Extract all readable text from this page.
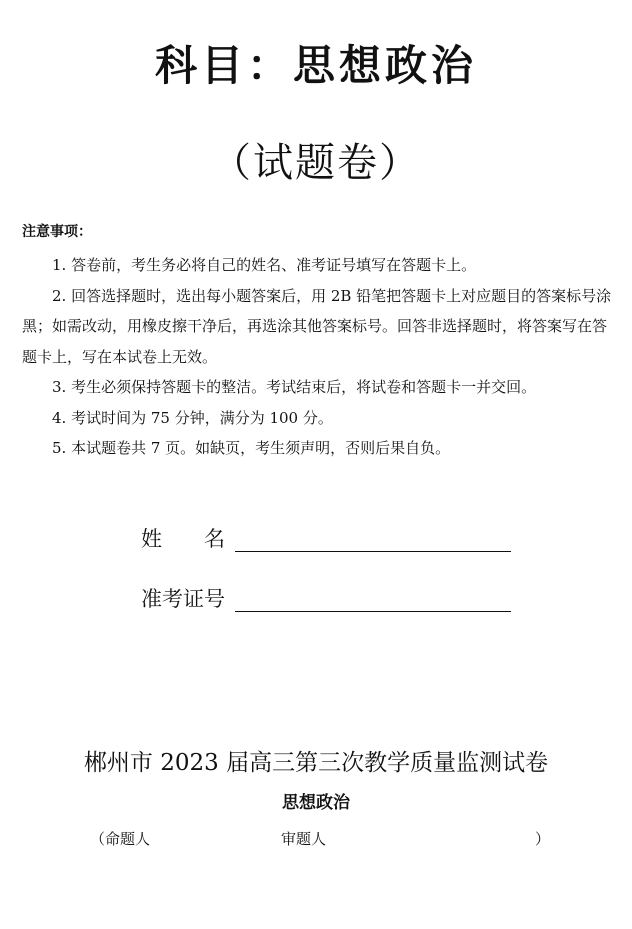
科目：思想政治
（试题卷）
注意事项：

1. 答卷前，考生务必将自己的姓名、准考证号填写在答题卡上。

2. 回答选择题时，选出每小题答案后，用 2B 铅笔把答题卡上对应题目的答案标号涂黑；如需改动，用橡皮擦干净后，再选涂其他答案标号。回答非选择题时，将答案写在答题卡上，写在本试卷上无效。

3. 考生必须保持答题卡的整洁。考试结束后，将试卷和答题卡一并交回。

4. 考试时间为 75 分钟，满分为 100 分。

5. 本试题卷共 7 页。如缺页，考生须声明，否则后果自负。

姓　　名
准考证号
郴州市 2023 届高三第三次教学质量监测试卷
思想政治
（命题人	审题人	）
